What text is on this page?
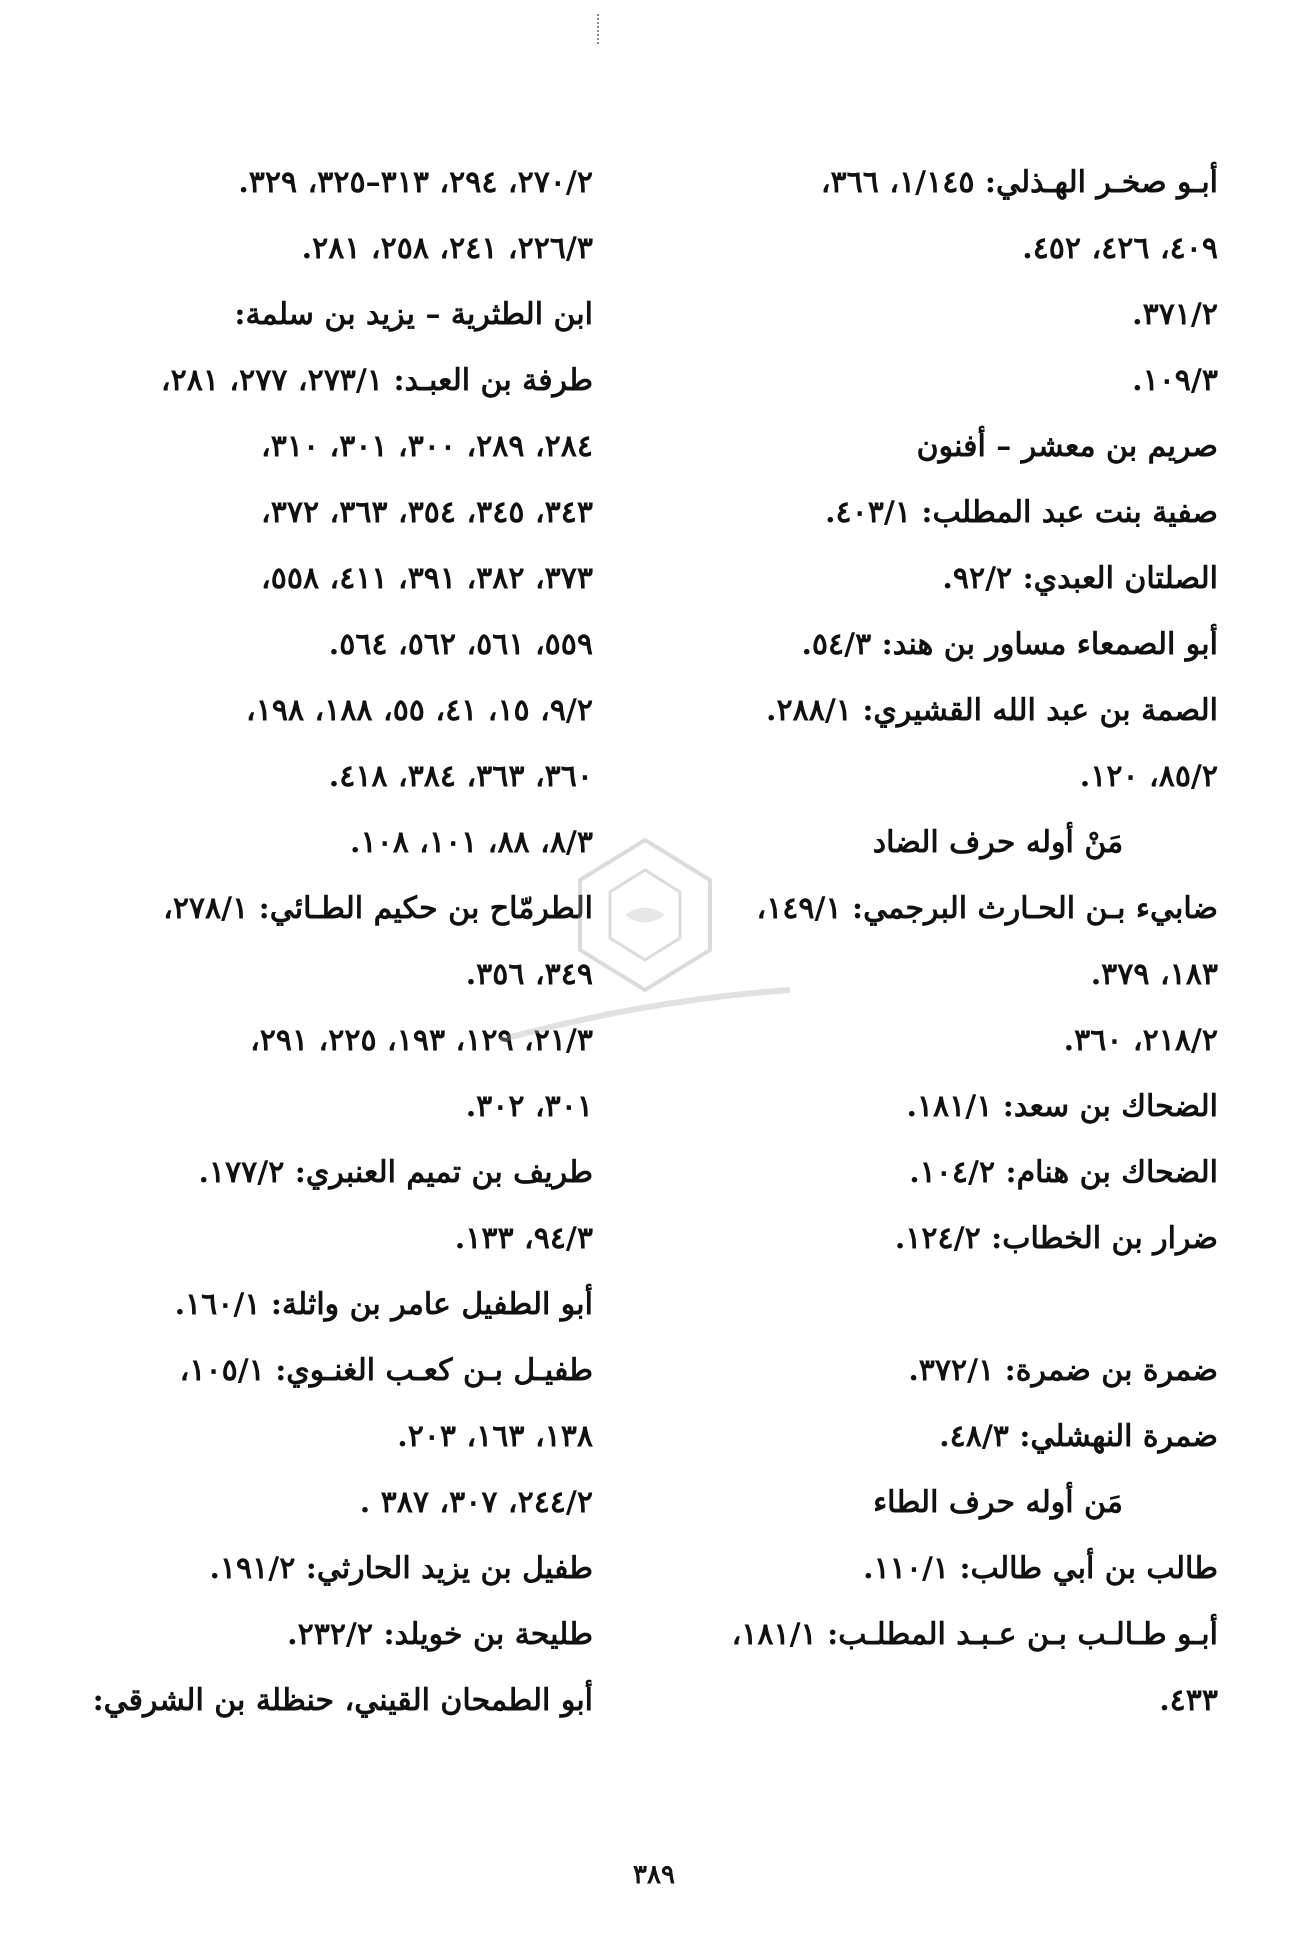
أبـو صخـر الهـذلي: ١/١٤٥، ٣٦٦،
٤٠٩، ٤٢٦، ٤٥٢.
٣٧١/٢.
١٠٩/٣.
صريم بن معشر – أفنون
صفية بنت عبد المطلب: ٤٠٣/١.
الصلتان العبدي: ٩٢/٢.
أبو الصمعاء مساور بن هند: ٥٤/٣.
الصمة بن عبد الله القشيري: ٢٨٨/١.
٨٥/٢، ١٢٠.
مَنْ أوله حرف الضاد
ضابيء بـن الحـارث البرجمي: ١٤٩/١،
١٨٣، ٣٧٩.
٢١٨/٢، ٣٦٠.
الضحاك بن سعد: ١٨١/١.
الضحاك بن هنام: ١٠٤/٢.
ضرار بن الخطاب: ١٢٤/٢.
ضمرة بن ضمرة: ٣٧٢/١.
ضمرة النهشلي: ٤٨/٣.
مَن أوله حرف الطاء
طالب بن أبي طالب: ١١٠/١.
أبـو طـالـب بـن عـبـد المطلـب: ١٨١/١،
٤٣٣.
٢٧٠/٢، ٢٩٤، ٣١٣–٣٢٥، ٣٢٩.
٢٢٦/٣، ٢٤١، ٢٥٨، ٢٨١.
ابن الطثرية – يزيد بن سلمة:
طرفة بن العبـد: ٢٧٣/١، ٢٧٧، ٢٨١،
٢٨٤، ٢٨٩، ٣٠٠، ٣٠١، ٣١٠،
٣٤٣، ٣٤٥، ٣٥٤، ٣٦٣، ٣٧٢،
٣٧٣، ٣٨٢، ٣٩١، ٤١١، ٥٥٨،
٥٥٩، ٥٦١، ٥٦٢، ٥٦٤.
٩/٢، ١٥، ٤١، ٥٥، ١٨٨، ١٩٨،
٣٦٠، ٣٦٣، ٣٨٤، ٤١٨.
٨/٣، ٨٨، ١٠١، ١٠٨.
الطرمّاح بن حكيم الطـائي: ٢٧٨/١،
٣٤٩، ٣٥٦.
٢١/٣، ١٢٩، ١٩٣، ٢٢٥، ٢٩١،
٣٠١، ٣٠٢.
طريف بن تميم العنبري: ١٧٧/٢.
٩٤/٣، ١٣٣.
أبو الطفيل عامر بن واثلة: ١٦٠/١.
طفيـل بـن كعـب الغنـوي: ١٠٥/١،
١٣٨، ١٦٣، ٢٠٣.
٢٤٤/٢، ٣٠٧، ٣٨٧ .
طفيل بن يزيد الحارثي: ١٩١/٢.
طليحة بن خويلد: ٢٣٢/٢.
أبو الطمحان القيني، حنظلة بن الشرقي:
٣٨٩
